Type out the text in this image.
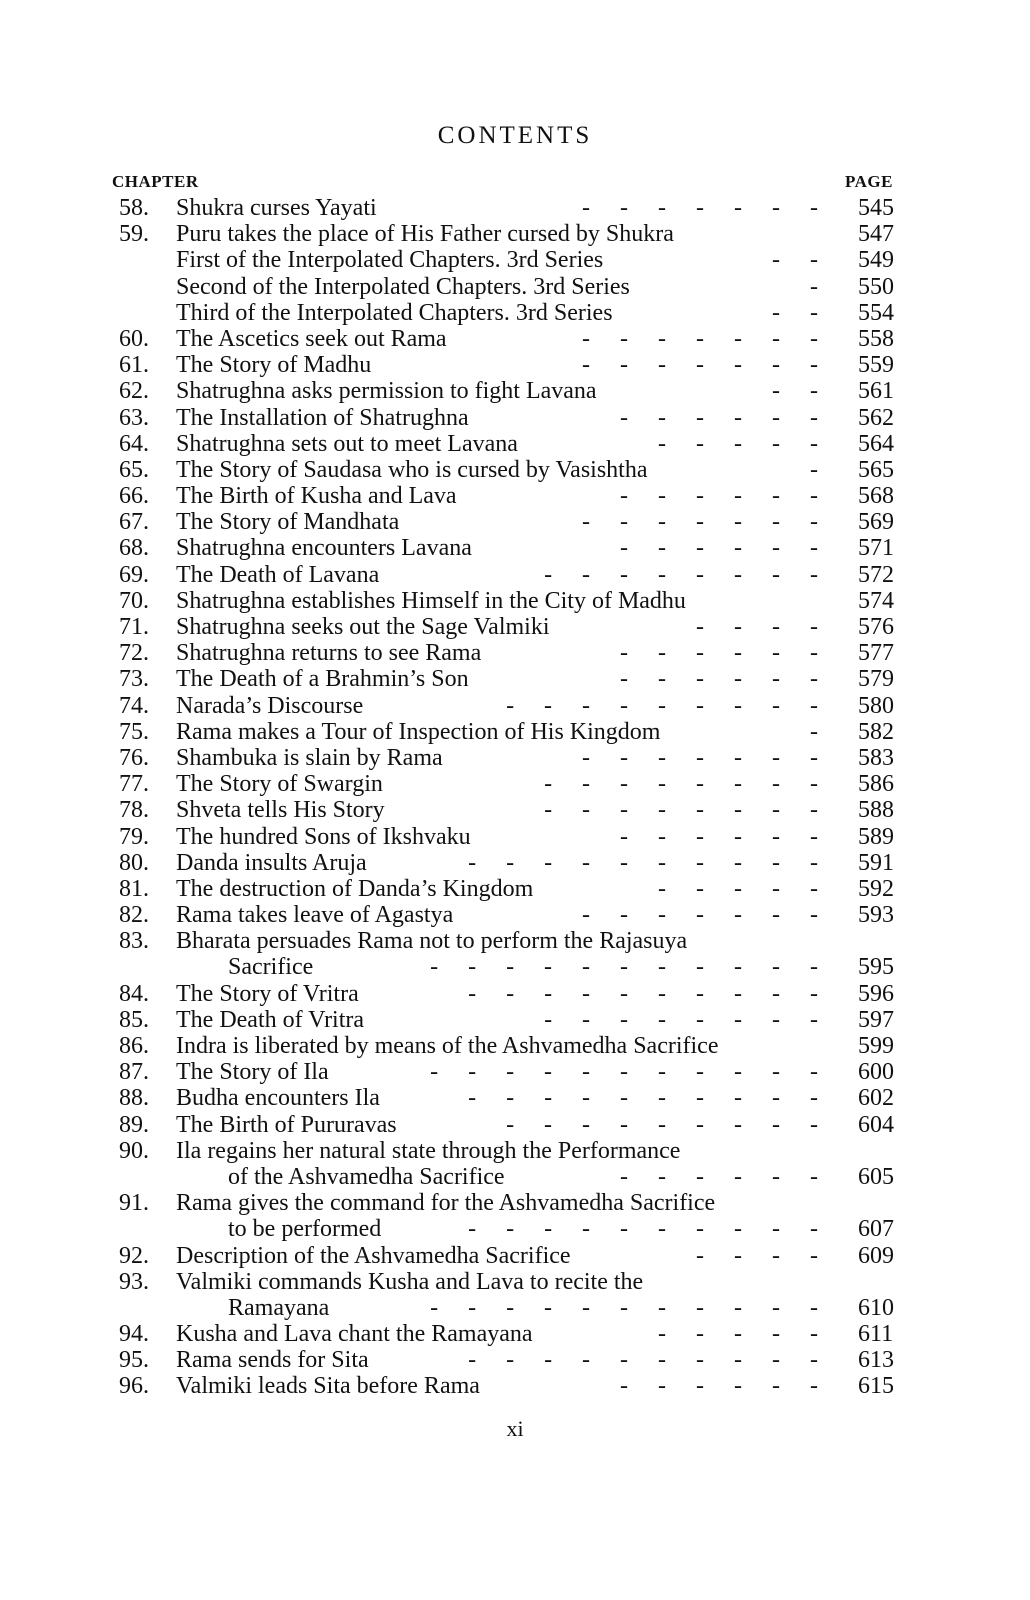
CONTENTS
CHAPTER	PAGE
58.	Shukra curses Yayati	- - - - - - - 545
59.	Puru takes the place of His Father cursed by Shukra	547
First of the Interpolated Chapters. 3rd Series	- - 549
Second of the Interpolated Chapters. 3rd Series	- 550
Third of the Interpolated Chapters. 3rd Series	- - 554
60.	The Ascetics seek out Rama	- - - - - - - 558
61.	The Story of Madhu	- - - - - - - 559
62.	Shatrughna asks permission to fight Lavana	- - 561
63.	The Installation of Shatrughna	- - - - - - 562
64.	Shatrughna sets out to meet Lavana	- - - - - 564
65.	The Story of Saudasa who is cursed by Vasishtha	- 565
66.	The Birth of Kusha and Lava	- - - - - - 568
67.	The Story of Mandhata	- - - - - - - 569
68.	Shatrughna encounters Lavana	- - - - - - 571
69.	The Death of Lavana	- - - - - - - - 572
70.	Shatrughna establishes Himself in the City of Madhu	574
71.	Shatrughna seeks out the Sage Valmiki	- - - - 576
72.	Shatrughna returns to see Rama	- - - - - - 577
73.	The Death of a Brahmin’s Son	- - - - - - 579
74.	Narada’s Discourse	- - - - - - - - - 580
75.	Rama makes a Tour of Inspection of His Kingdom	- 582
76.	Shambuka is slain by Rama	- - - - - - - 583
77.	The Story of Swargin	- - - - - - - - 586
78.	Shveta tells His Story	- - - - - - - - 588
79.	The hundred Sons of Ikshvaku	- - - - - - 589
80.	Danda insults Aruja	- - - - - - - - - - 591
81.	The destruction of Danda’s Kingdom	- - - - - 592
82.	Rama takes leave of Agastya	- - - - - - - 593
83.	Bharata persuades Rama not to perform the Rajasuya
Sacrifice	- - - - - - - - - - - 595
84.	The Story of Vritra	- - - - - - - - - - 596
85.	The Death of Vritra	- - - - - - - - 597
86.	Indra is liberated by means of the Ashvamedha Sacrifice	599
87.	The Story of Ila	- - - - - - - - - - - 600
88.	Budha encounters Ila	- - - - - - - - - - 602
89.	The Birth of Pururavas	- - - - - - - - - 604
90.	Ila regains her natural state through the Performance
of the Ashvamedha Sacrifice	- - - - - - 605
91.	Rama gives the command for the Ashvamedha Sacrifice
to be performed	- - - - - - - - - - 607
92.	Description of the Ashvamedha Sacrifice	- - - - 609
93.	Valmiki commands Kusha and Lava to recite the
Ramayana	- - - - - - - - - - - 610
94.	Kusha and Lava chant the Ramayana	- - - - - 611
95.	Rama sends for Sita	- - - - - - - - - - 613
96.	Valmiki leads Sita before Rama	- - - - - - 615
xi
